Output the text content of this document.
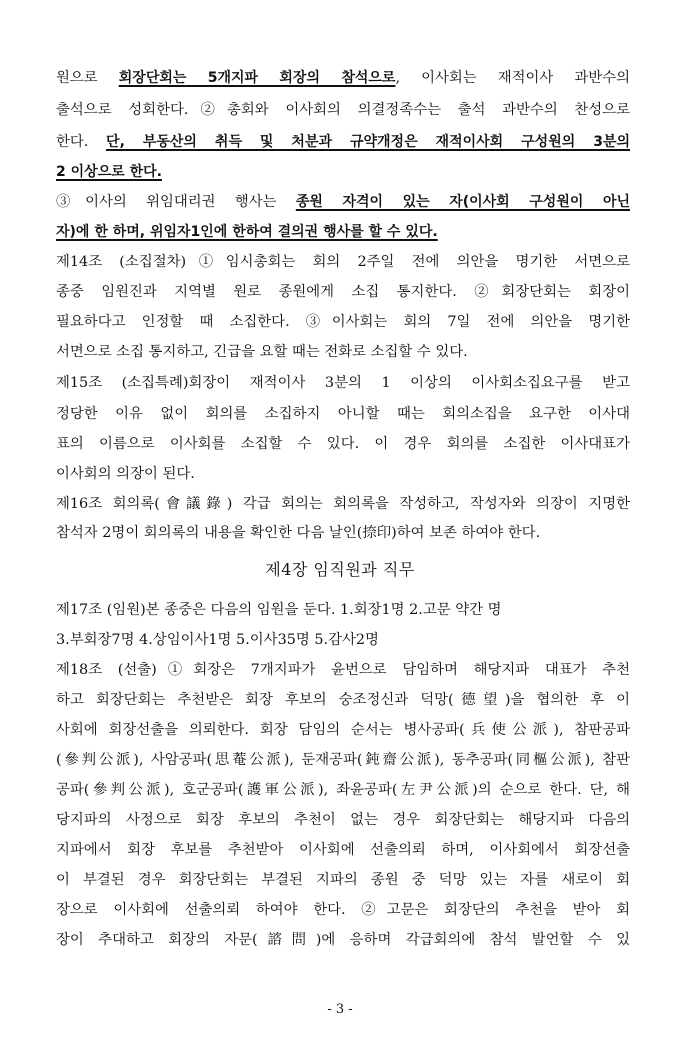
원으로 회장단회는 5개지파 회장의 참석으로, 이사회는 재적이사 과반수의
출석으로 성회한다.②총회와 이사회의 의결정족수는 출석 과반수의 찬성으로
한다. 단, 부동산의 취득 및 처분과 규약개정은 재적이사회 구성원의 3분의
2 이상으로 한다.
③이사의 위임대리권 행사는 종원 자격이 있는 자(이사회 구성원이 아닌
자)에 한 하며, 위임자1인에 한하여 결의권 행사를 할 수 있다.
제14조 (소집절차)①임시총회는 회의 2주일 전에 의안을 명기한 서면으로
종중 임원진과 지역별 원로 종원에게 소집 통지한다. ②회장단회는 회장이
필요하다고 인정할 때 소집한다. ③이사회는 회의 7일 전에 의안을 명기한
서면으로 소집 통지하고, 긴급을 요할 때는 전화로 소집할 수 있다.
제15조 (소집특례)회장이 재적이사 3분의 1 이상의 이사회소집요구를 받고
정당한 이유 없이 회의를 소집하지 아니할 때는 회의소집을 요구한 이사대
표의 이름으로 이사회를 소집할 수 있다. 이 경우 회의를 소집한 이사대표가
이사회의 의장이 된다.
제16조 회의록(會議錄) 각급 회의는 회의록을 작성하고, 작성자와 의장이 지명한
참석자 2명이 회의록의 내용을 확인한 다음 날인(捺印)하여 보존 하여야 한다.
제4장 임직원과 직무
제17조 (임원)본 종중은 다음의 임원을 둔다. 1.회장1명 2.고문 약간 명
3.부회장7명 4.상임이사1명 5.이사35명 5.감사2명
제18조 (선출)①회장은 7개지파가 윤번으로 담임하며 해당지파 대표가 추천
하고 회장단회는 추천받은 회장 후보의 숭조정신과 덕망(德望)을 협의한 후 이
사회에 회장선출을 의뢰한다. 회장 담임의 순서는 병사공파(兵使公派), 참판공파
(參判公派), 사암공파(思菴公派), 둔재공파(鈍齋公派), 동추공파(同樞公派), 참판
공파(參判公派), 호군공파(護軍公派), 좌윤공파(左尹公派)의 순으로 한다. 단, 해
당지파의 사정으로 회장 후보의 추천이 없는 경우 회장단회는 해당지파 다음의
지파에서 회장 후보를 추천받아 이사회에 선출의뢰 하며, 이사회에서 회장선출
이 부결된 경우 회장단회는 부결된 지파의 종원 중 덕망 있는 자를 새로이 회
장으로 이사회에 선출의뢰 하여야 한다. ②고문은 회장단의 추천을 받아 회
장이 추대하고 회장의 자문(諮問)에 응하며 각급회의에 참석 발언할 수 있
- 3 -
